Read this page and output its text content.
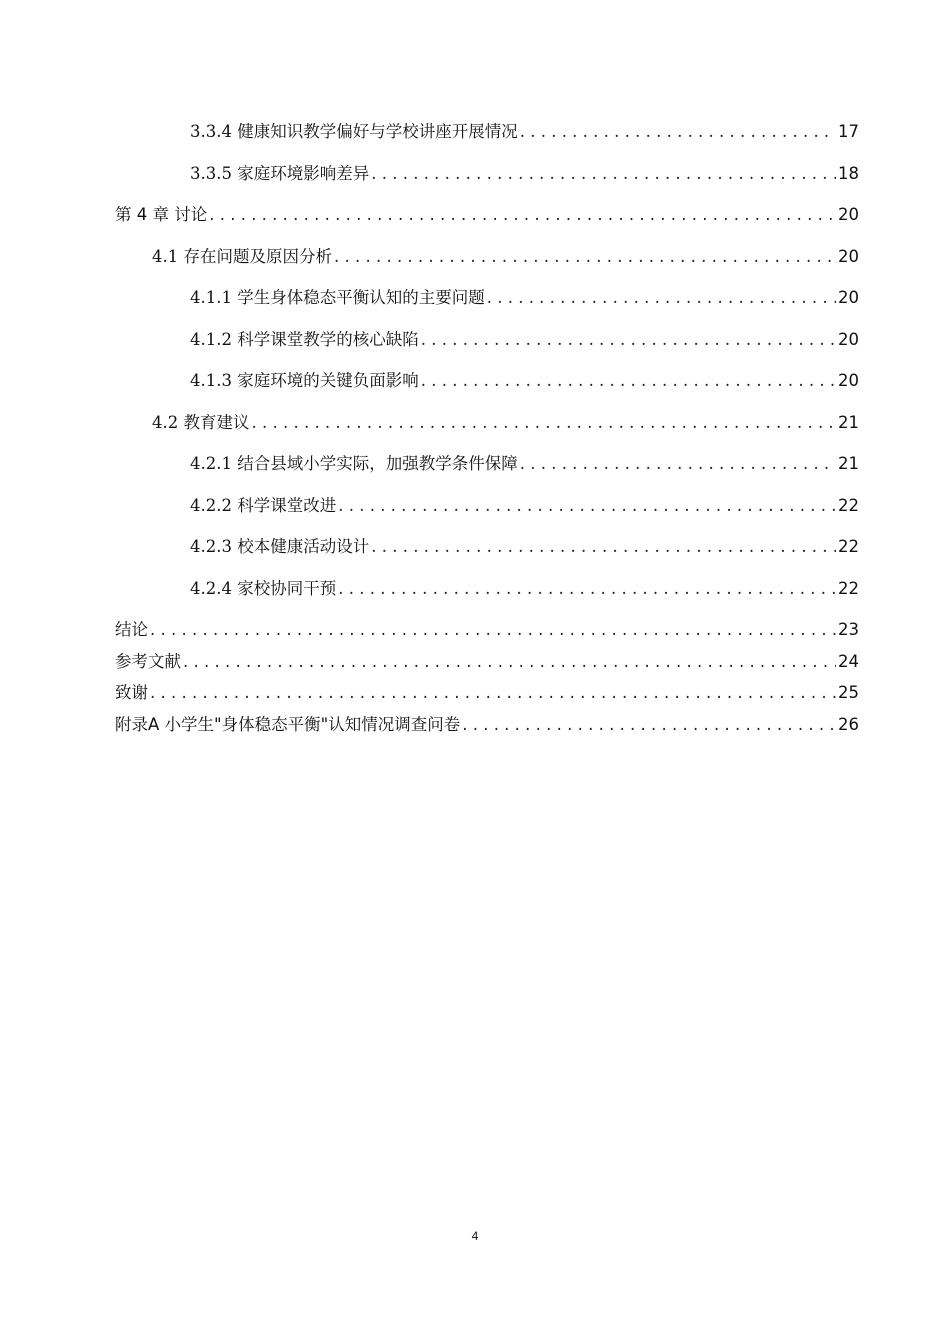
3.3.4 健康知识教学偏好与学校讲座开展情况 . . .	17
3.3.5 家庭环境影响差异 . . .	18
第 4 章 讨论 . . .	20
4.1 存在问题及原因分析 . . .	20
4.1.1 学生身体稳态平衡认知的主要问题 . . .	20
4.1.2 科学课堂教学的核心缺陷 . . .	20
4.1.3 家庭环境的关键负面影响 . . .	20
4.2 教育建议 . . .	21
4.2.1 结合县域小学实际，加强教学条件保障 . . .	21
4.2.2 科学课堂改进 . . .	22
4.2.3 校本健康活动设计 . . .	22
4.2.4 家校协同干预 . . .	22
结论 . . .	23
参考文献 . . .	24
致谢 . . .	25
附录A 小学生"身体稳态平衡"认知情况调查问卷 . . .	26
4
